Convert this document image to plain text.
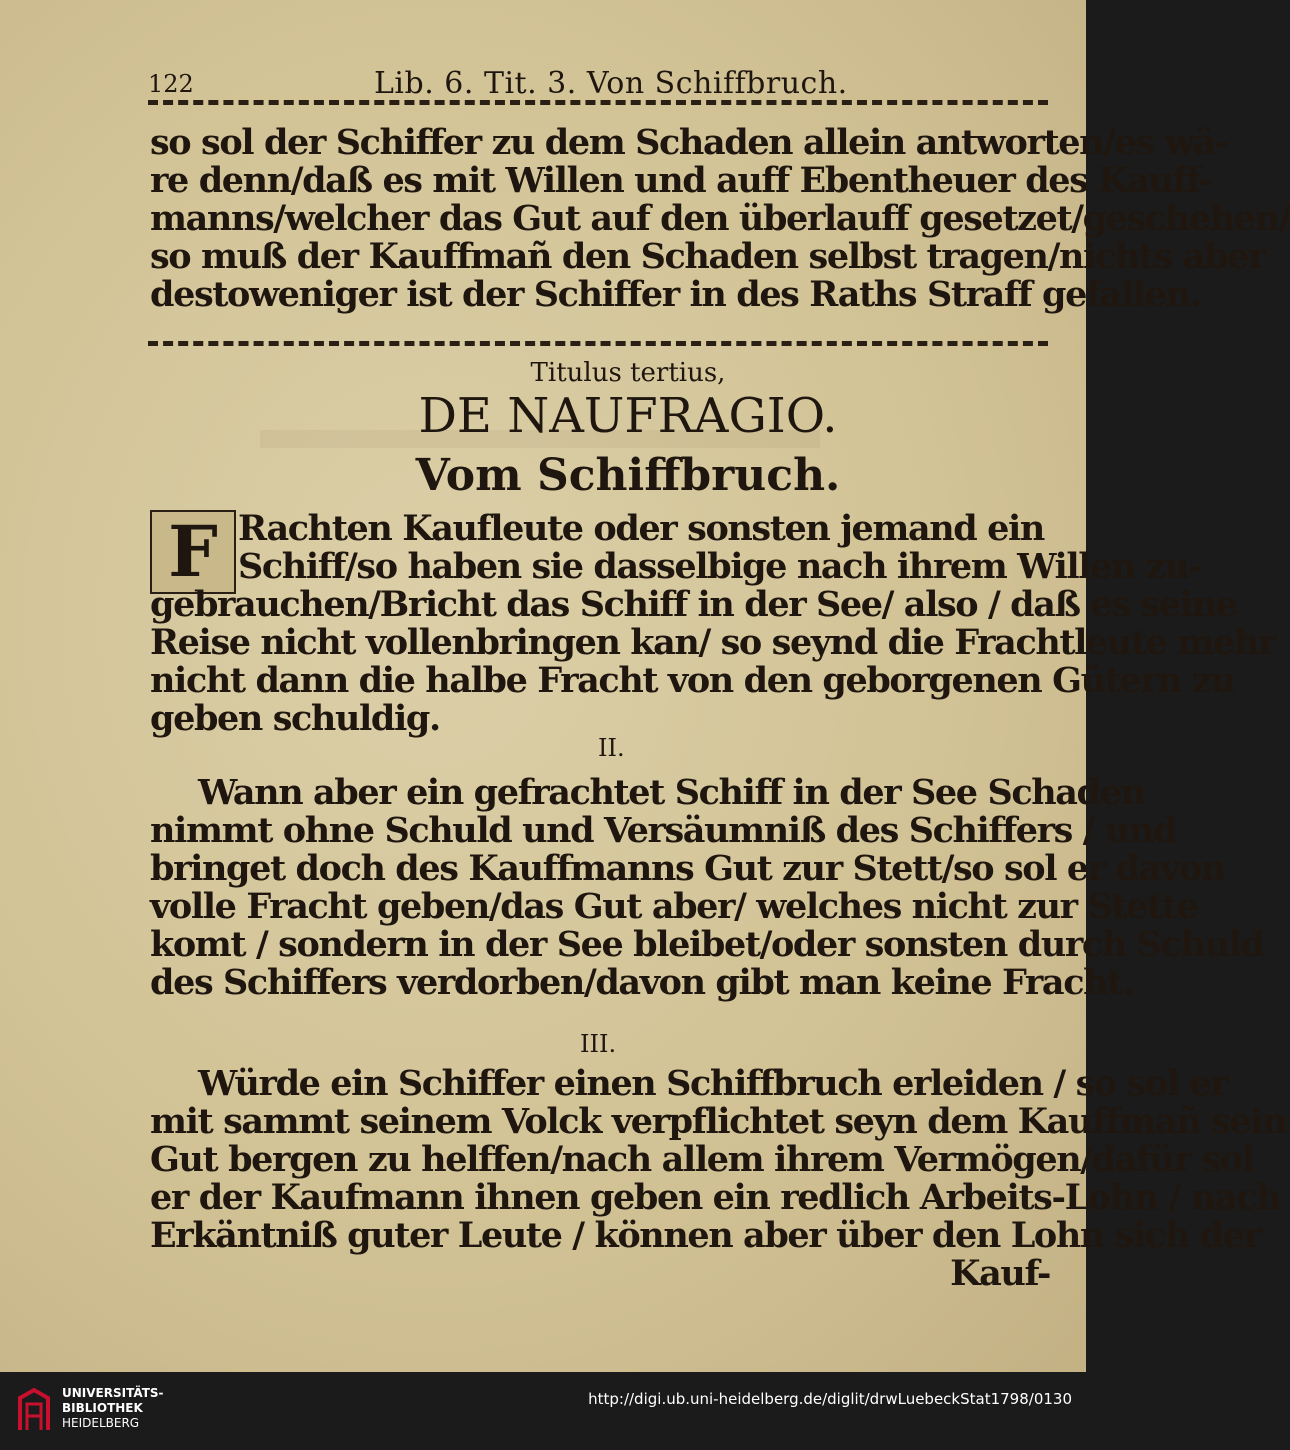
122	Lib. 6. Tit. 3. Von Schiffbruch.
so sol der Schiffer zu dem Schaden allein antworten/es wä-
re denn/daß es mit Willen und auff Ebentheuer des Kauff-
manns/welcher das Gut auf den überlauff gesetzet/geschehen/
so muß der Kauffmañ den Schaden selbst tragen/nichts aber
destoweniger ist der Schiffer in des Raths Straff gefallen.
Titulus tertius,
DE NAUFRAGIO.
Vom Schiffbruch.
F Rachten Kaufleute oder sonsten jemand ein
Schiff/so haben sie dasselbige nach ihrem Willen zu-
gebrauchen/Bricht das Schiff in der See/ also / daß es seine
Reise nicht vollenbringen kan/ so seynd die Frachtleute mehr
nicht dann die halbe Fracht von den geborgenen Gütern zu
geben schuldig.
II.
Wann aber ein gefrachtet Schiff in der See Schaden
nimmt ohne Schuld und Versäumniß des Schiffers / und
bringet doch des Kauffmanns Gut zur Stett/so sol er davon
volle Fracht geben/das Gut aber/ welches nicht zur Stette
komt / sondern in der See bleibet/oder sonsten durch Schuld
des Schiffers verdorben/davon gibt man keine Fracht.
III.
Würde ein Schiffer einen Schiffbruch erleiden / so sol er
mit sammt seinem Volck verpflichtet seyn dem Kauffmañ sein
Gut bergen zu helffen/nach allem ihrem Vermögen/dafür sol
er der Kaufmann ihnen geben ein redlich Arbeits-Lohn / nach
Erkäntniß guter Leute / können aber über den Lohn sich der
Kauf-
UNIVERSITÄTS-
BIBLIOTHEK
HEIDELBERG
http://digi.ub.uni-heidelberg.de/diglit/drwLuebeckStat1798/0130
